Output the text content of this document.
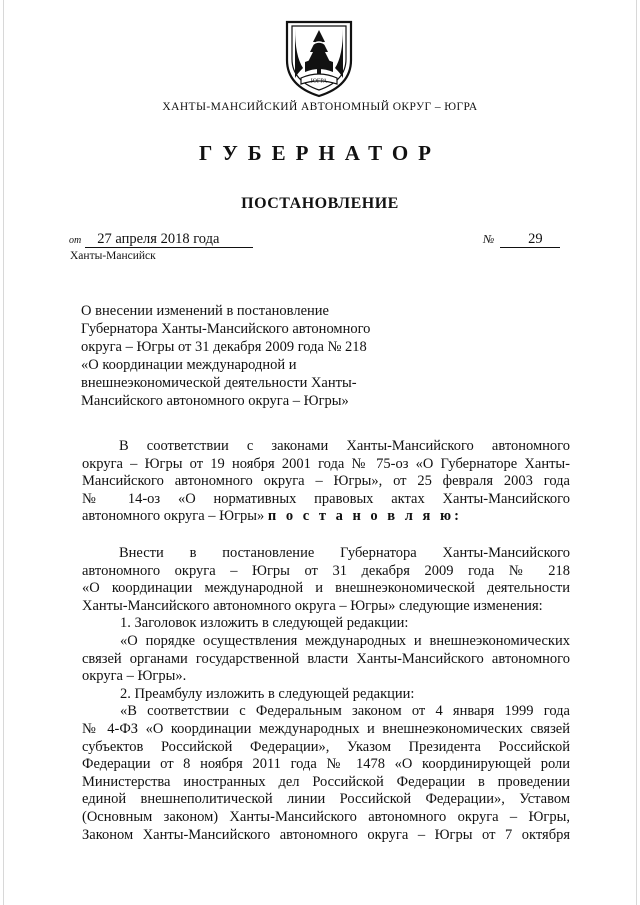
ЮГРА
ХАНТЫ-МАНСИЙСКИЙ АВТОНОМНЫЙ ОКРУГ – ЮГРА
ГУБЕРНАТОР
ПОСТАНОВЛЕНИЕ
от 27 апреля 2018 года	№ 29
Ханты-Мансийск
О внесении изменений в постановление
Губернатора Ханты-Мансийского автономного
округа – Югры от 31 декабря 2009 года № 218
«О координации международной и
внешнеэкономической деятельности Ханты-
Мансийского автономного округа – Югры»
В соответствии с законами Ханты-Мансийского автономного
округа – Югры от 19 ноября 2001 года № 75-оз «О Губернаторе Ханты-
Мансийского автономного округа – Югры», от 25 февраля 2003 года
№ 14-оз «О нормативных правовых актах Ханты-Мансийского
автономного округа – Югры» п о с т а н о в л я ю:
Внести в постановление Губернатора Ханты-Мансийского
автономного округа – Югры от 31 декабря 2009 года № 218
«О координации международной и внешнеэкономической деятельности
Ханты-Мансийского автономного округа – Югры» следующие изменения:
1. Заголовок изложить в следующей редакции:
«О порядке осуществления международных и внешнеэкономических
связей органами государственной власти Ханты-Мансийского автономного
округа – Югры».
2. Преамбулу изложить в следующей редакции:
«В соответствии с Федеральным законом от 4 января 1999 года
№ 4-ФЗ «О координации международных и внешнеэкономических связей
субъектов Российской Федерации», Указом Президента Российской
Федерации от 8 ноября 2011 года № 1478 «О координирующей роли
Министерства иностранных дел Российской Федерации в проведении
единой внешнеполитической линии Российской Федерации», Уставом
(Основным законом) Ханты-Мансийского автономного округа – Югры,
Законом Ханты-Мансийского автономного округа – Югры от 7 октября
